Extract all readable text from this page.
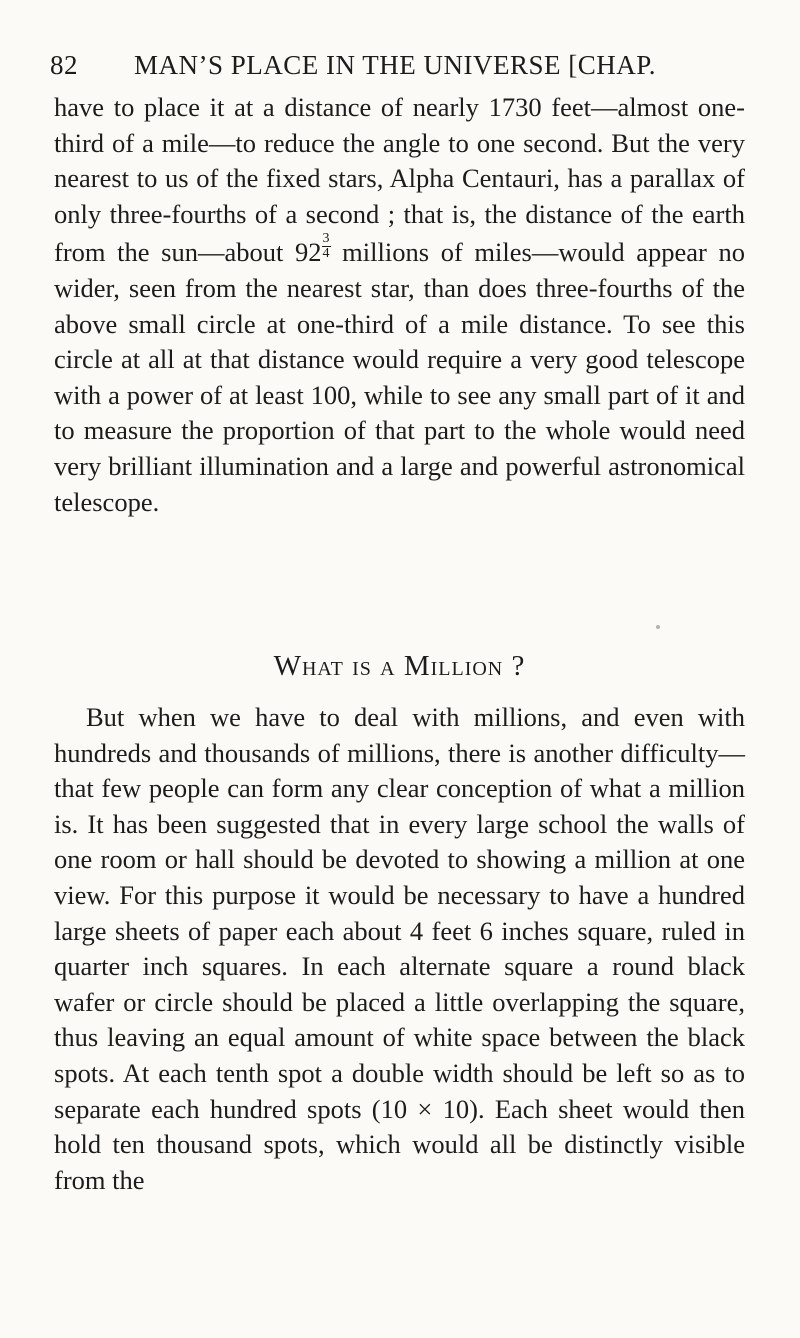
82 MAN’S PLACE IN THE UNIVERSE [CHAP.
have to place it at a distance of nearly 1730 feet—almost one-third of a mile—to reduce the angle to one second. But the very nearest to us of the fixed stars, Alpha Centauri, has a parallax of only three-fourths of a second ; that is, the distance of the earth from the sun—about $92 \frac{3}{4}$ millions of miles—would appear no wider, seen from the nearest star, than does three-fourths of the above small circle at one-third of a mile distance. To see this circle at all at that distance would require a very good telescope with a power of at least 100, while to see any small part of it and to measure the proportion of that part to the whole would need very brilliant illumination and a large and powerful astronomical telescope.
What is a Million ?
But when we have to deal with millions, and even with hundreds and thousands of millions, there is another difficulty—that few people can form any clear conception of what a million is. It has been suggested that in every large school the walls of one room or hall should be devoted to showing a million at one view. For this purpose it would be necessary to have a hundred large sheets of paper each about 4 feet 6 inches square, ruled in quarter inch squares. In each alternate square a round black wafer or circle should be placed a little overlapping the square, thus leaving an equal amount of white space between the black spots. At each tenth spot a double width should be left so as to separate each hundred spots (10 × 10). Each sheet would then hold ten thousand spots, which would all be distinctly visible from the
